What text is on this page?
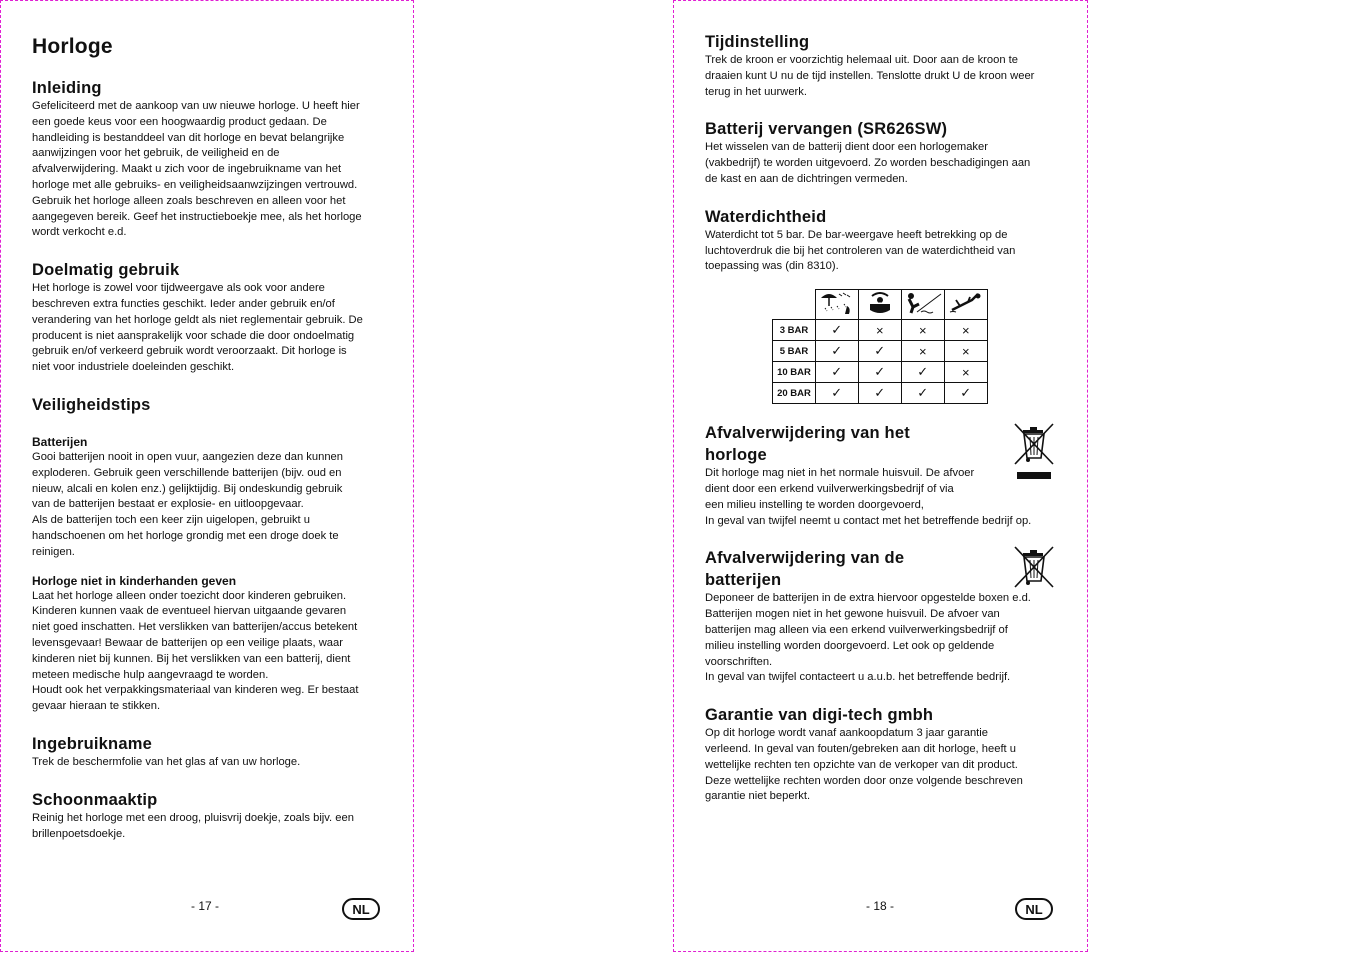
Horloge
Inleiding
Gefeliciteerd met de aankoop van uw nieuwe horloge. U heeft hier
een goede keus voor een hoogwaardig product gedaan. De
handleiding is bestanddeel van dit horloge en bevat belangrijke
aanwijzingen voor het gebruik, de veiligheid en de
afvalverwijdering. Maakt u zich voor de ingebruikname van het
horloge met alle gebruiks- en veiligheidsaanwzijzingen vertrouwd.
Gebruik het horloge alleen zoals beschreven en alleen voor het
aangegeven bereik. Geef het instructieboekje mee, als het horloge
wordt verkocht e.d.
Doelmatig gebruik
Het horloge is zowel voor tijdweergave als ook voor andere
beschreven extra functies geschikt. Ieder ander gebruik en/of
verandering van het horloge geldt als niet reglementair gebruik. De
producent is niet aansprakelijk voor schade die door ondoelmatig
gebruik en/of verkeerd gebruik wordt veroorzaakt. Dit horloge is
niet voor industriele doeleinden geschikt.
Veiligheidstips
Batterijen
Gooi batterijen nooit in open vuur, aangezien deze dan kunnen
exploderen. Gebruik geen verschillende batterijen (bijv. oud en
nieuw, alcali en kolen enz.) gelijktijdig. Bij ondeskundig gebruik
van de batterijen bestaat er explosie- en uitloopgevaar.
Als de batterijen toch een keer zijn uigelopen, gebruikt u
handschoenen om het horloge grondig met een droge doek te
reinigen.
Horloge niet in kinderhanden geven
Laat het horloge alleen onder toezicht door kinderen gebruiken.
Kinderen kunnen vaak de eventueel hiervan uitgaande gevaren
niet goed inschatten. Het verslikken van batterijen/accus betekent
levensgevaar! Bewaar de batterijen op een veilige plaats, waar
kinderen niet bij kunnen. Bij het verslikken van een batterij, dient
meteen medische hulp aangevraagd te worden.
Houdt ook het verpakkingsmateriaal van kinderen weg. Er bestaat
gevaar hieraan te stikken.
Ingebruikname
Trek de beschermfolie van het glas af van uw horloge.
Schoonmaaktip
Reinig het horloge met een droog, pluisvrij doekje, zoals bijv. een
brillenpoetsdoekje.
- 17 -	NL
Tijdinstelling
Trek de kroon er voorzichtig helemaal uit. Door aan de kroon te
draaien kunt U nu de tijd instellen. Tenslotte drukt U de kroon weer
terug in het uurwerk.
Batterij vervangen (SR626SW)
Het wisselen van de batterij dient door een horlogemaker
(vakbedrijf) te worden uitgevoerd. Zo worden beschadigingen aan
de kast en aan de dichtringen vermeden.
Waterdichtheid
Waterdicht tot 5 bar. De bar-weergave heeft betrekking op de
luchtoverdruk die bij het controleren van de waterdichtheid van
toepassing was (din 8310).

3 BAR	✓	×	×	×
5 BAR	✓	✓	×	×
10 BAR	✓	✓	✓	×
20 BAR	✓	✓	✓	✓
Afvalverwijdering van het
horloge
Dit horloge mag niet in het normale huisvuil. De afvoer
dient door een erkend vuilverwerkingsbedrijf of via
een milieu instelling te worden doorgevoerd,
In geval van twijfel neemt u contact met het betreffende bedrijf op.
Afvalverwijdering van de
batterijen
Deponeer de batterijen in de extra hiervoor opgestelde boxen e.d.
Batterijen mogen niet in het gewone huisvuil. De afvoer van
batterijen mag alleen via een erkend vuilverwerkingsbedrijf of
milieu instelling worden doorgevoerd. Let ook op geldende
voorschriften.
In geval van twijfel contacteert u a.u.b. het betreffende bedrijf.
Garantie van digi-tech gmbh
Op dit horloge wordt vanaf aankoopdatum 3 jaar garantie
verleend. In geval van fouten/gebreken aan dit horloge, heeft u
wettelijke rechten ten opzichte van de verkoper van dit product.
Deze wettelijke rechten worden door onze volgende beschreven
garantie niet beperkt.
- 18 -	NL
